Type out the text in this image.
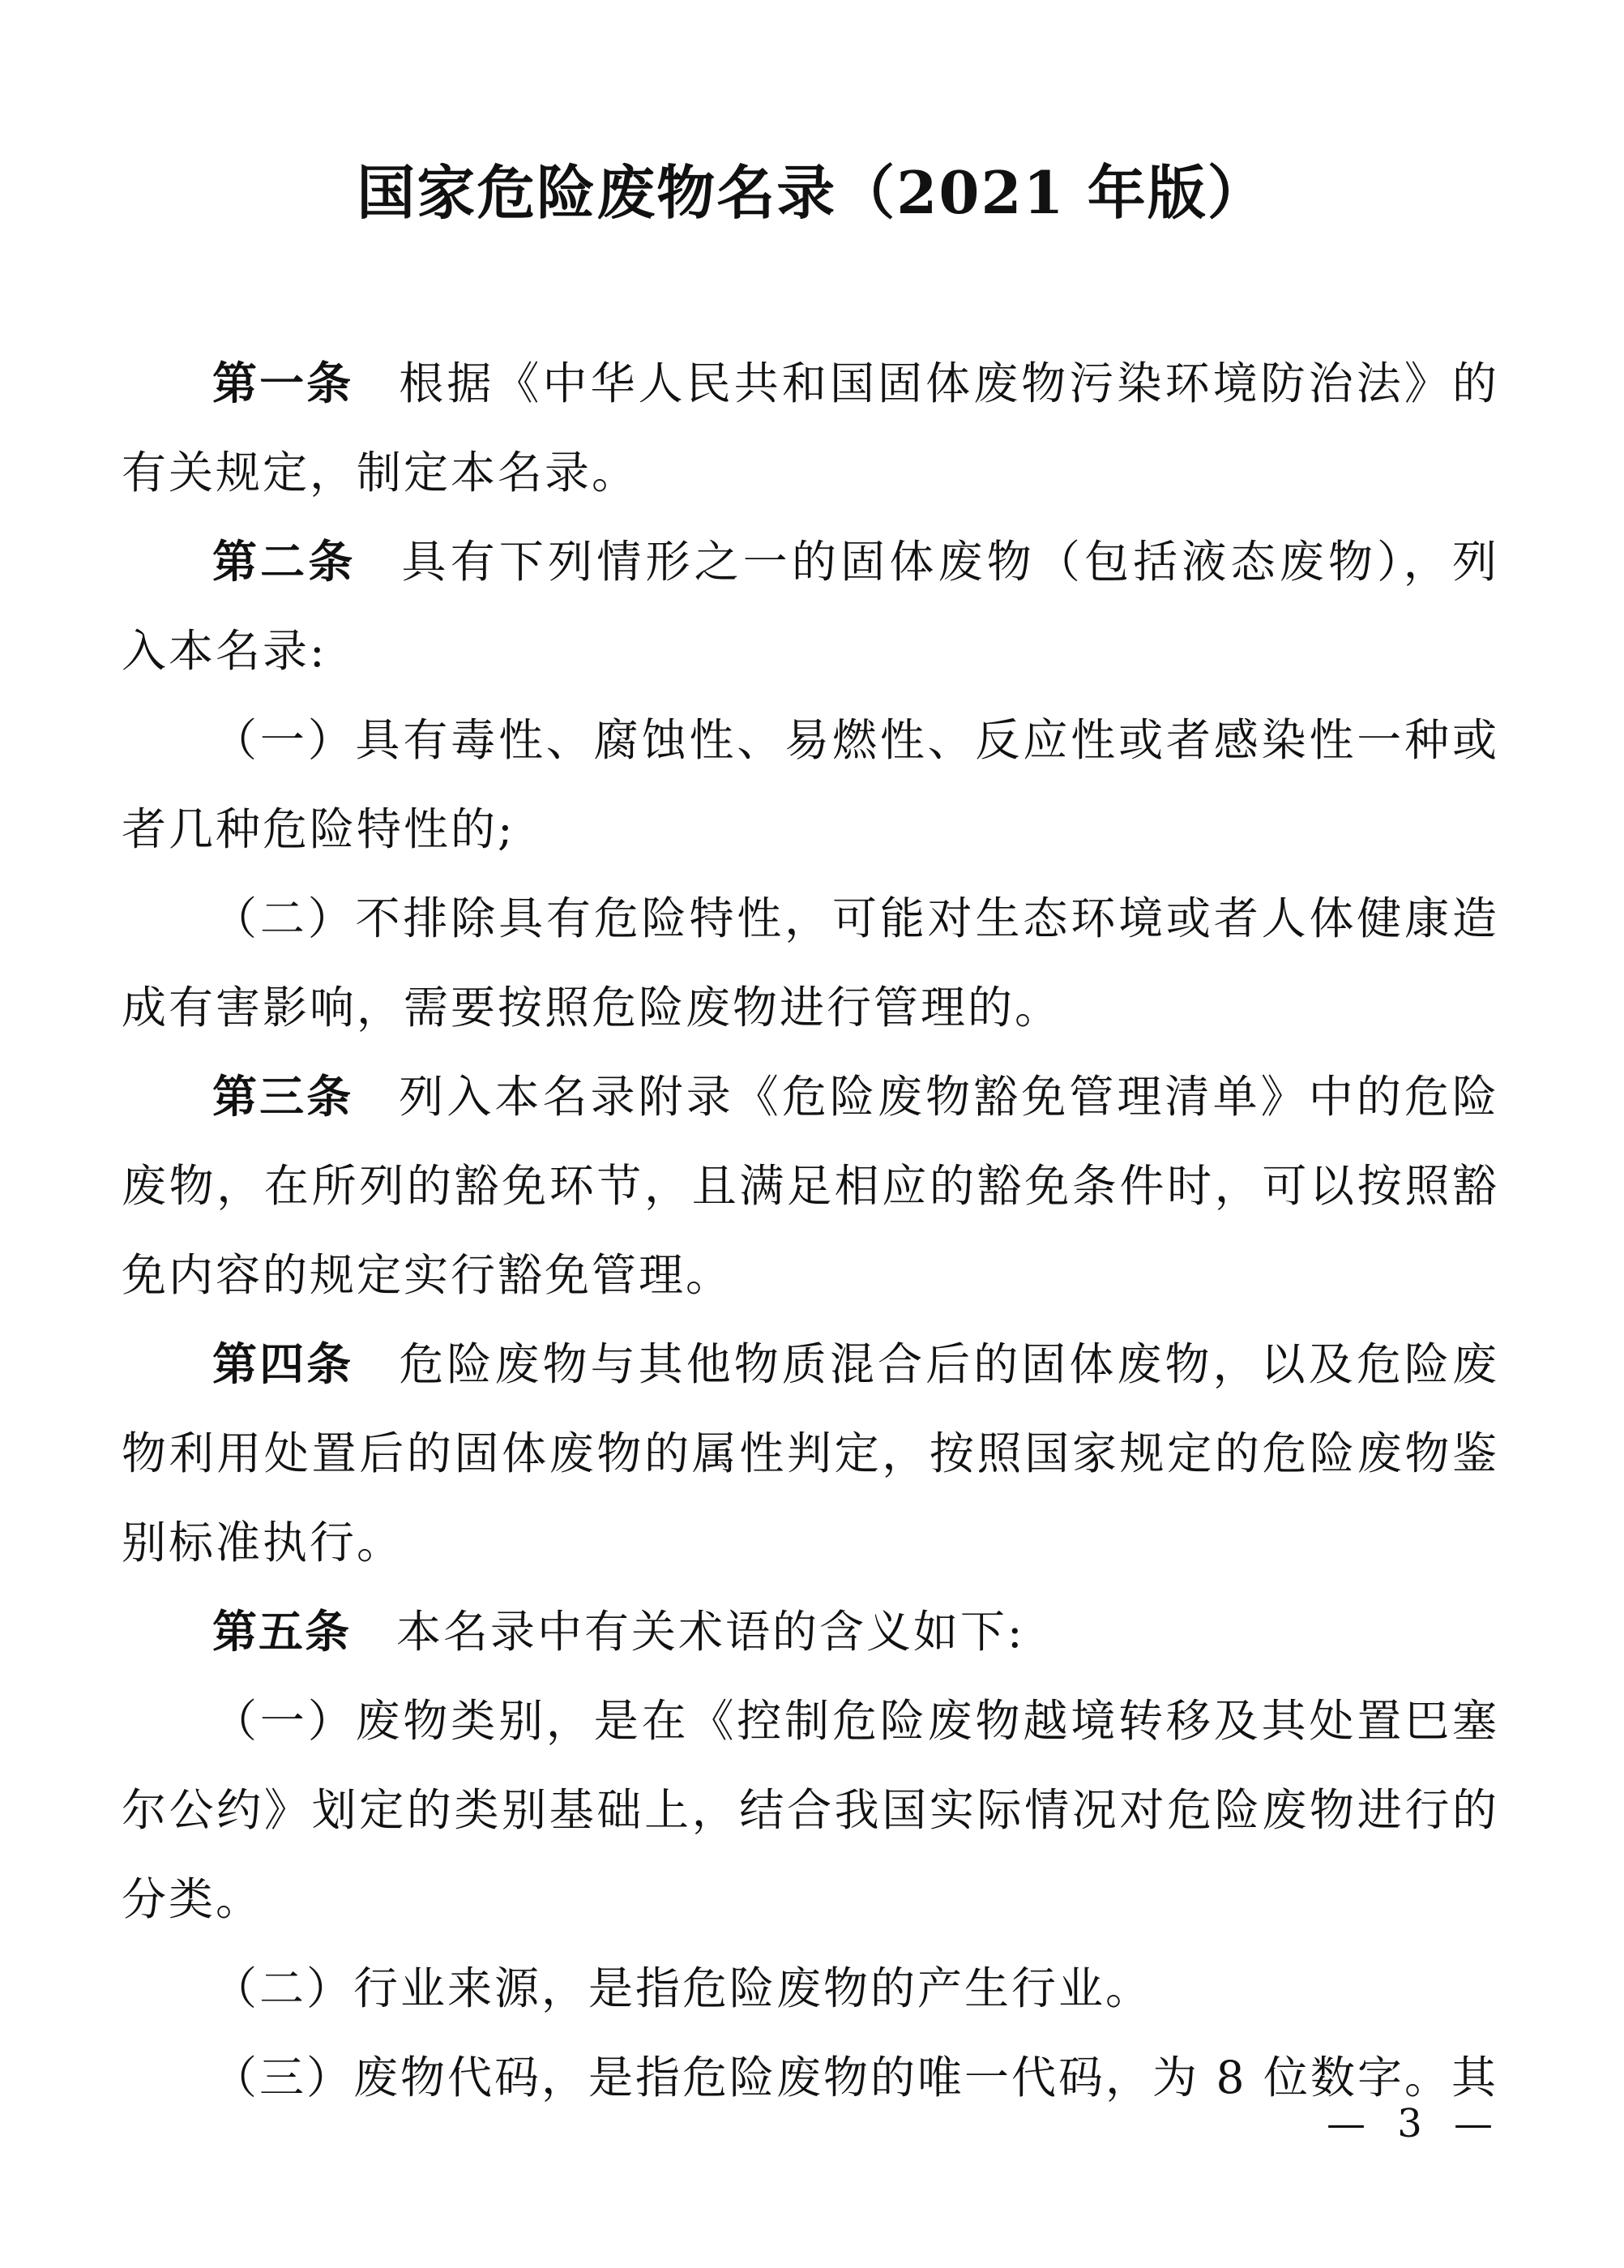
国家危险废物名录（2021 年版）

第一条 根据《中华人民共和国固体废物污染环境防治法》的有关规定，制定本名录。

第二条 具有下列情形之一的固体废物（包括液态废物），列入本名录:

（一）具有毒性、腐蚀性、易燃性、反应性或者感染性一种或者几种危险特性的;

（二）不排除具有危险特性，可能对生态环境或者人体健康造成有害影响，需要按照危险废物进行管理的。

第三条 列入本名录附录《危险废物豁免管理清单》中的危险废物，在所列的豁免环节，且满足相应的豁免条件时，可以按照豁免内容的规定实行豁免管理。

第四条 危险废物与其他物质混合后的固体废物，以及危险废物利用处置后的固体废物的属性判定，按照国家规定的危险废物鉴别标准执行。

第五条 本名录中有关术语的含义如下:

（一）废物类别，是在《控制危险废物越境转移及其处置巴塞尔公约》划定的类别基础上，结合我国实际情况对危险废物进行的分类。

（二）行业来源，是指危险废物的产生行业。

（三）废物代码，是指危险废物的唯一代码，为 8 位数字。其

— 3 —
